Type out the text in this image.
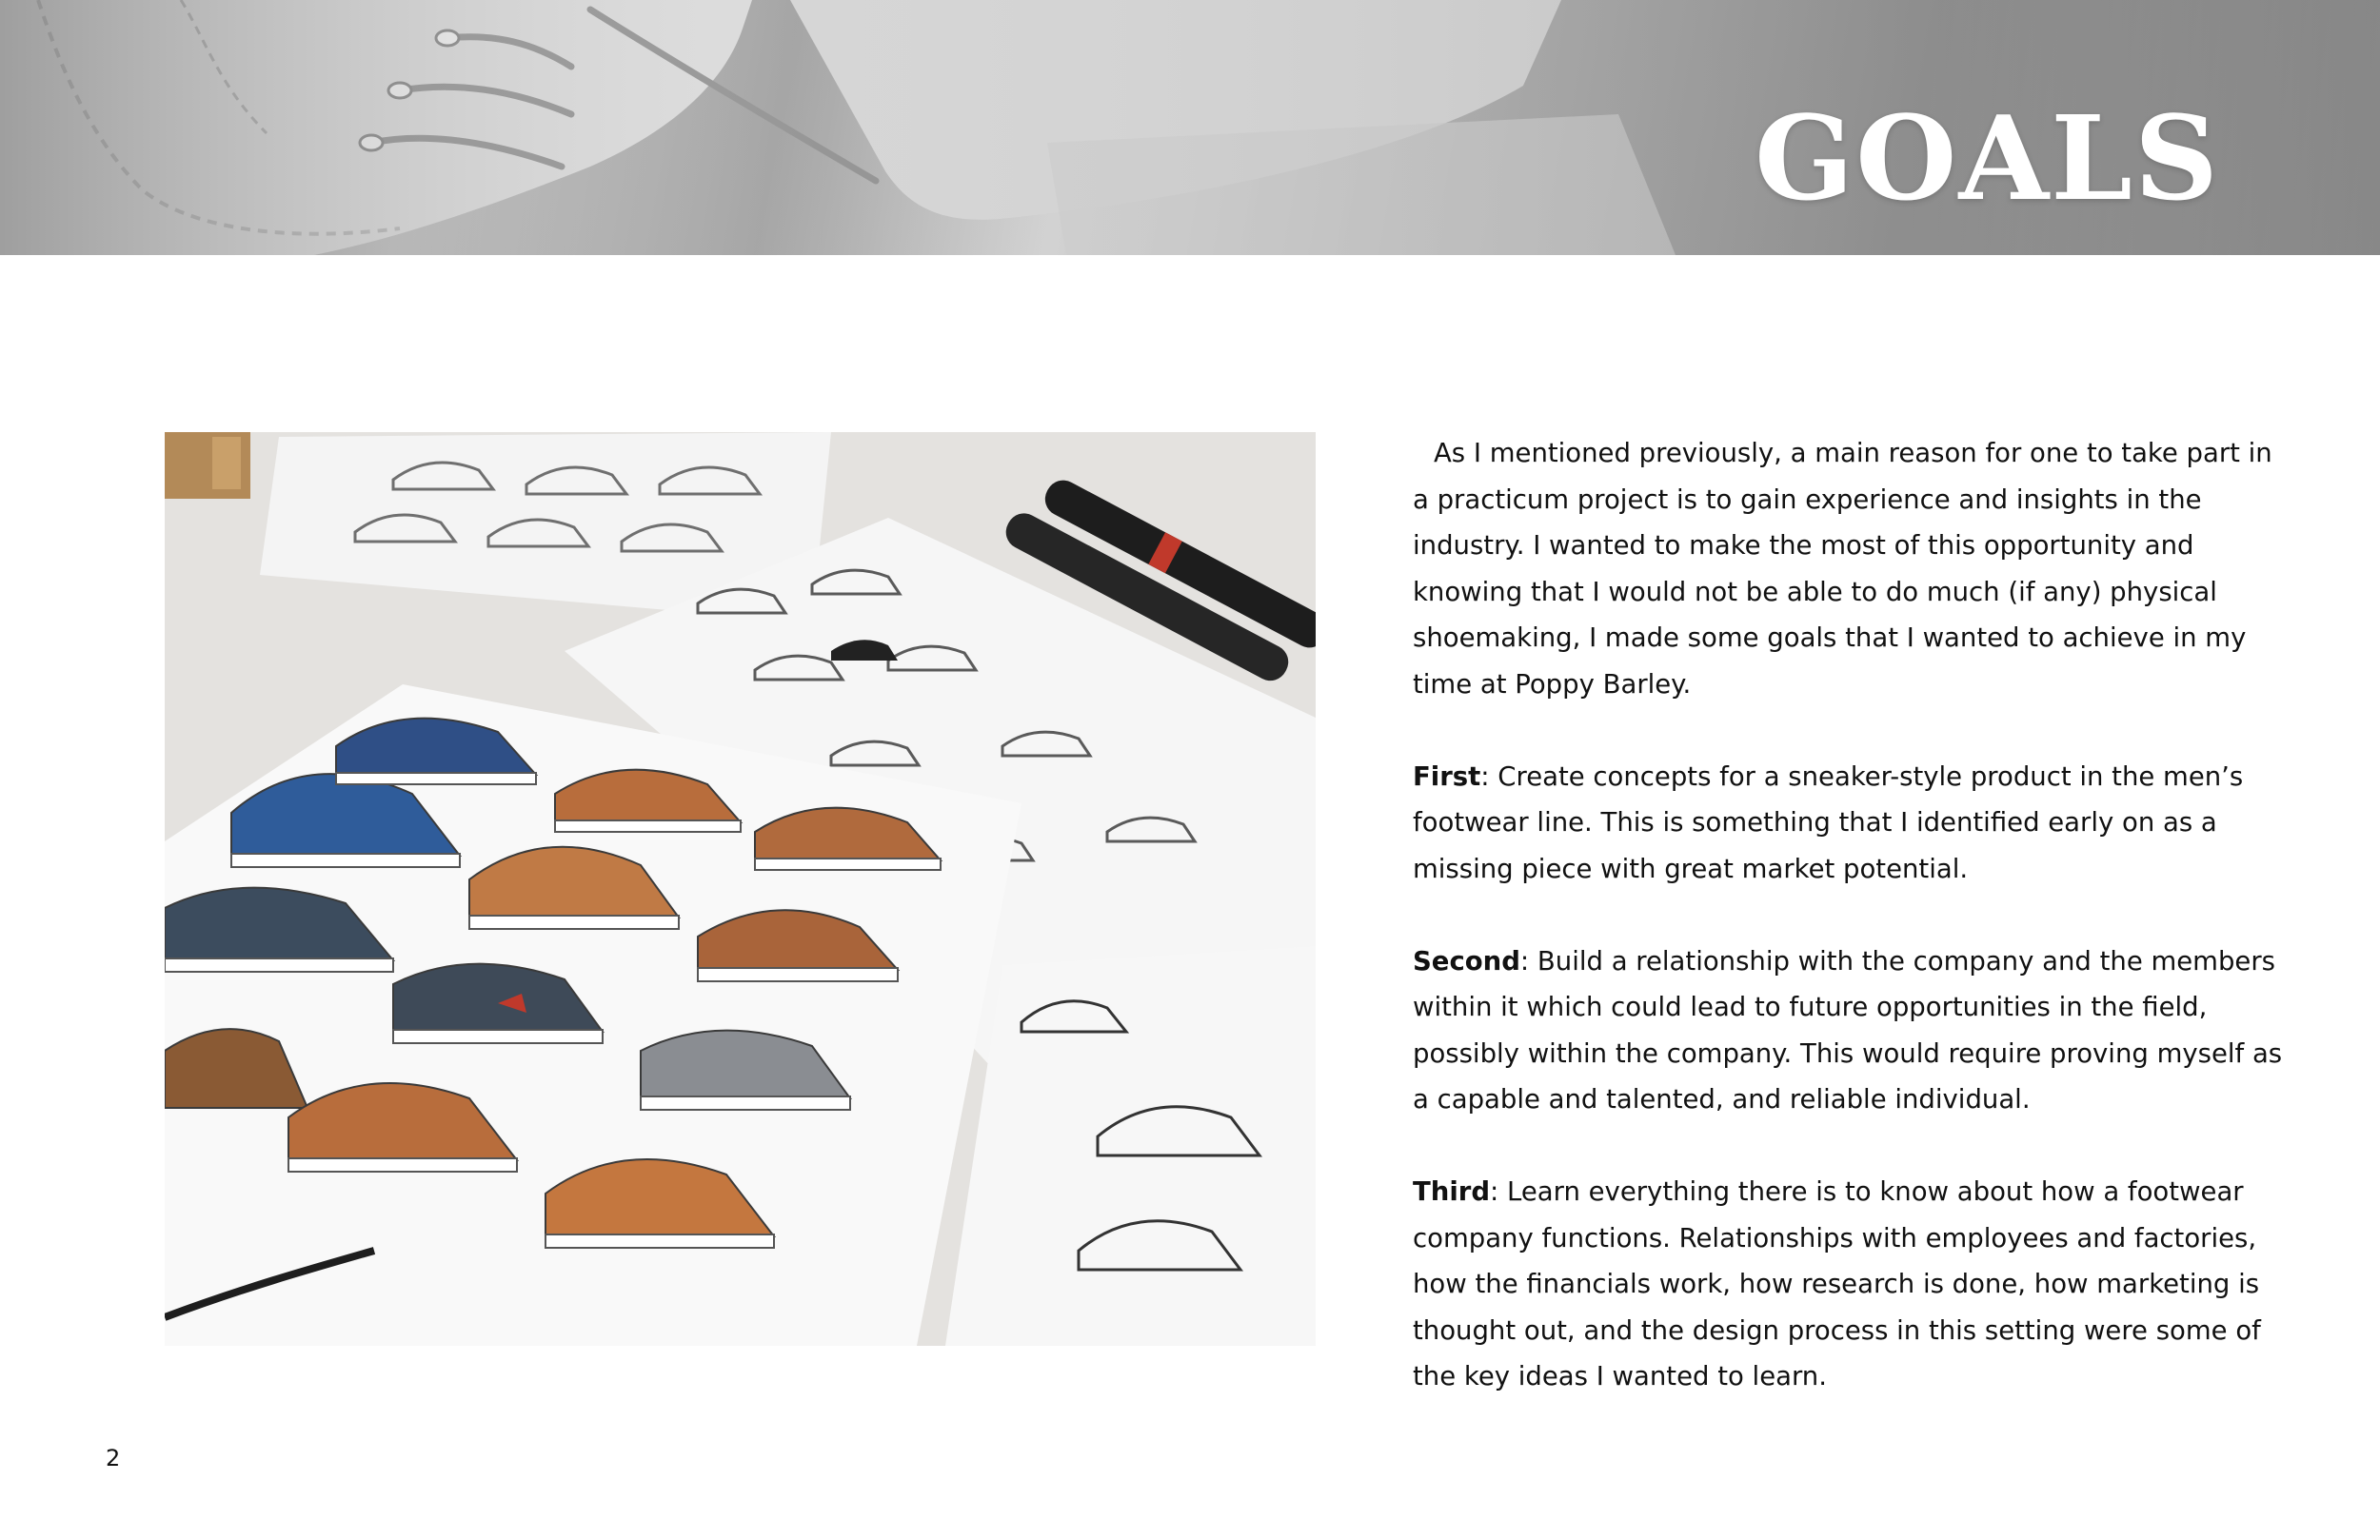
GOALS

As I mentioned previously, a main reason for one to take part in a practicum project is to gain experience and insights in the industry. I wanted to make the most of this opportunity and knowing that I would not be able to do much (if any) physical shoemaking, I made some goals that I wanted to achieve in my time at Poppy Barley.

First: Create concepts for a sneaker-style product in the men’s footwear line. This is something that I identified early on as a missing piece with great market potential.

Second: Build a relationship with the company and the members within it which could lead to future opportunities in the field, possibly within the company. This would require proving myself as a capable and talented, and reliable individual.

Third: Learn everything there is to know about how a footwear company functions. Relationships with employees and factories, how the financials work, how research is done, how marketing is thought out, and the design process in this setting were some of the key ideas I wanted to learn.

2
